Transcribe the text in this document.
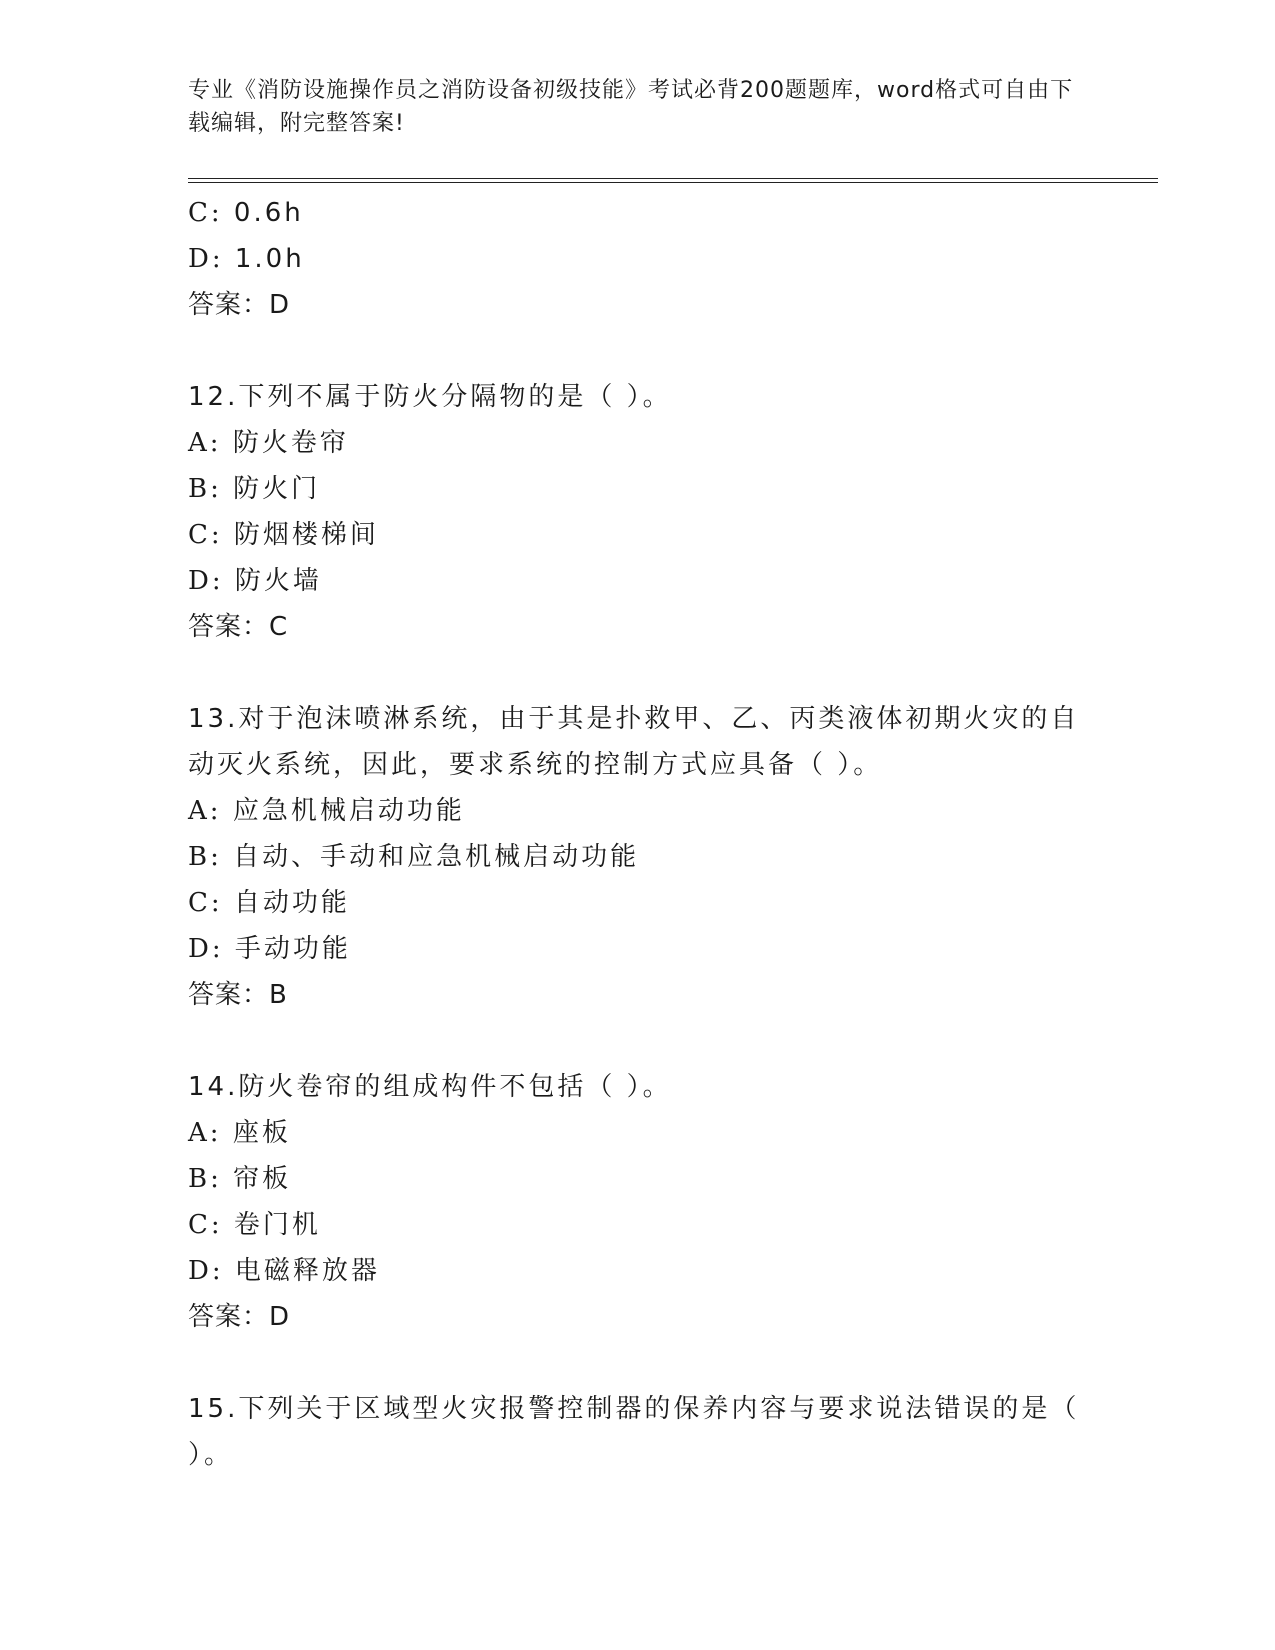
专业《消防设施操作员之消防设备初级技能》考试必背200题题库，word格式可自由下载编辑，附完整答案!
C: 0.6h
D: 1.0h
答案：D
12.下列不属于防火分隔物的是（ ）。
A: 防火卷帘
B: 防火门
C: 防烟楼梯间
D: 防火墙
答案：C
13.对于泡沫喷淋系统，由于其是扑救甲、乙、丙类液体初期火灾的自动灭火系统，因此，要求系统的控制方式应具备（ ）。
A: 应急机械启动功能
B: 自动、手动和应急机械启动功能
C: 自动功能
D: 手动功能
答案：B
14.防火卷帘的组成构件不包括（ ）。
A: 座板
B: 帘板
C: 卷门机
D: 电磁释放器
答案：D
15.下列关于区域型火灾报警控制器的保养内容与要求说法错误的是（ ）。
